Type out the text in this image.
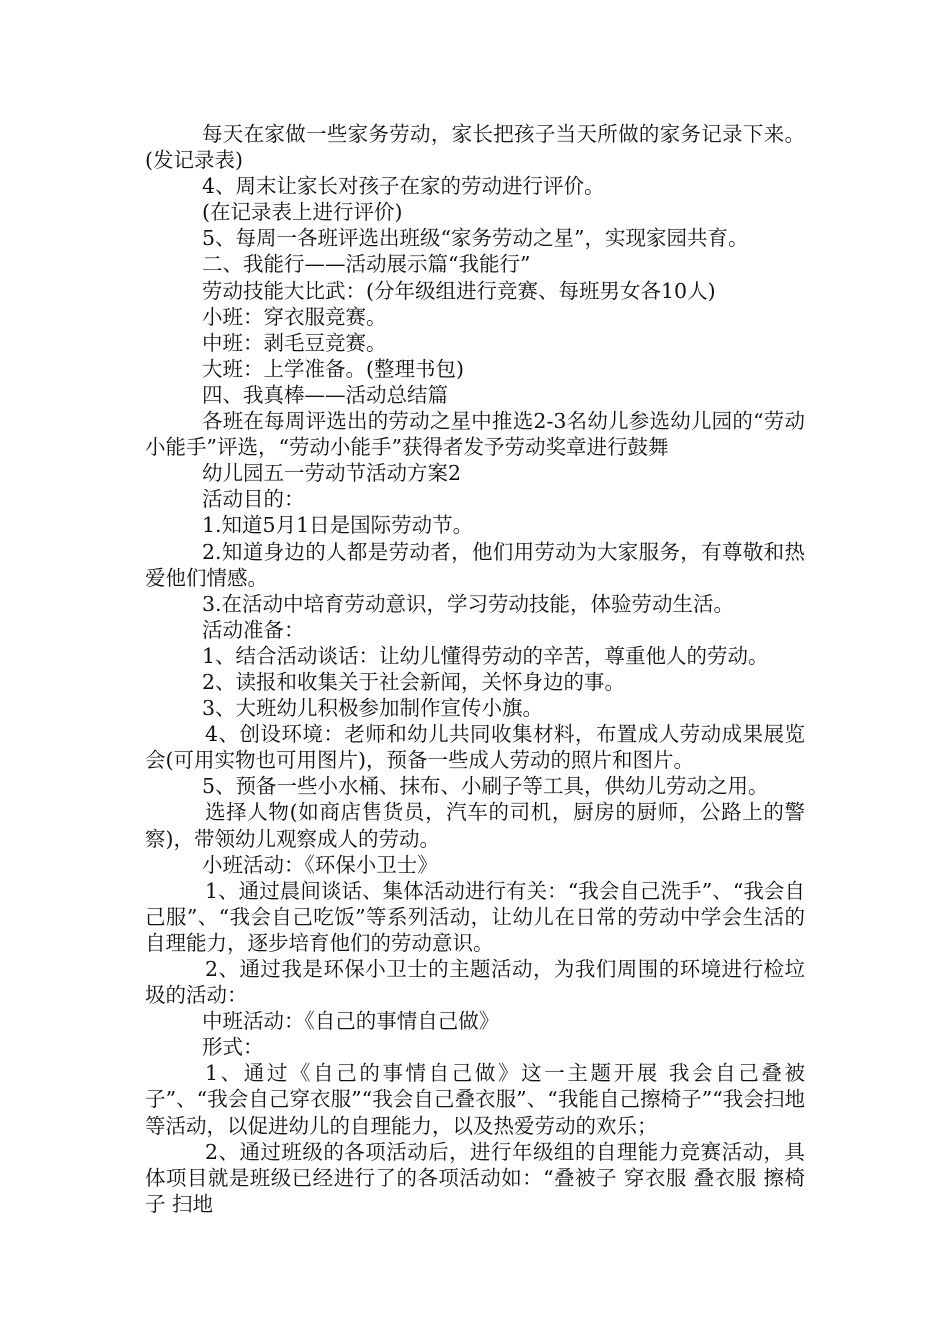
每天在家做一些家务劳动，家长把孩子当天所做的家务记录下来。(发记录表)

4、周末让家长对孩子在家的劳动进行评价。

(在记录表上进行评价)

5、每周一各班评选出班级“家务劳动之星”，实现家园共育。

二、我能行——活动展示篇“我能行”

劳动技能大比武：(分年级组进行竞赛、每班男女各10人)

小班：穿衣服竞赛。

中班：剥毛豆竞赛。

大班：上学准备。(整理书包)

四、我真棒——活动总结篇

各班在每周评选出的劳动之星中推选2-3名幼儿参选幼儿园的“劳动小能手”评选，“劳动小能手”获得者发予劳动奖章进行鼓舞

幼儿园五一劳动节活动方案2

活动目的：

1.知道5月1日是国际劳动节。

2.知道身边的人都是劳动者，他们用劳动为大家服务，有尊敬和热爱他们情感。

3.在活动中培育劳动意识，学习劳动技能，体验劳动生活。

活动准备：

1、结合活动谈话：让幼儿懂得劳动的辛苦，尊重他人的劳动。

2、读报和收集关于社会新闻，关怀身边的事。

3、大班幼儿积极参加制作宣传小旗。

4、创设环境：老师和幼儿共同收集材料，布置成人劳动成果展览会(可用实物也可用图片)，预备一些成人劳动的照片和图片。

5、预备一些小水桶、抹布、小刷子等工具，供幼儿劳动之用。

选择人物(如商店售货员，汽车的司机，厨房的厨师，公路上的警察)，带领幼儿观察成人的劳动。

小班活动：《环保小卫士》

1、通过晨间谈话、集体活动进行有关：“我会自己洗手”、“我会自己服”、“我会自己吃饭”等系列活动，让幼儿在日常的劳动中学会生活的自理能力，逐步培育他们的劳动意识。

2、通过我是环保小卫士的主题活动，为我们周围的环境进行检垃圾的活动：

中班活动：《自己的事情自己做》

形式：

1、通过《自己的事情自己做》这一主题开展 我会自己叠被子”、“我会自己穿衣服”“我会自己叠衣服”、“我能自己擦椅子”“我会扫地等活动，以促进幼儿的自理能力，以及热爱劳动的欢乐；

2、通过班级的各项活动后，进行年级组的自理能力竞赛活动，具体项目就是班级已经进行了的各项活动如：“叠被子 穿衣服 叠衣服 擦椅子 扫地
